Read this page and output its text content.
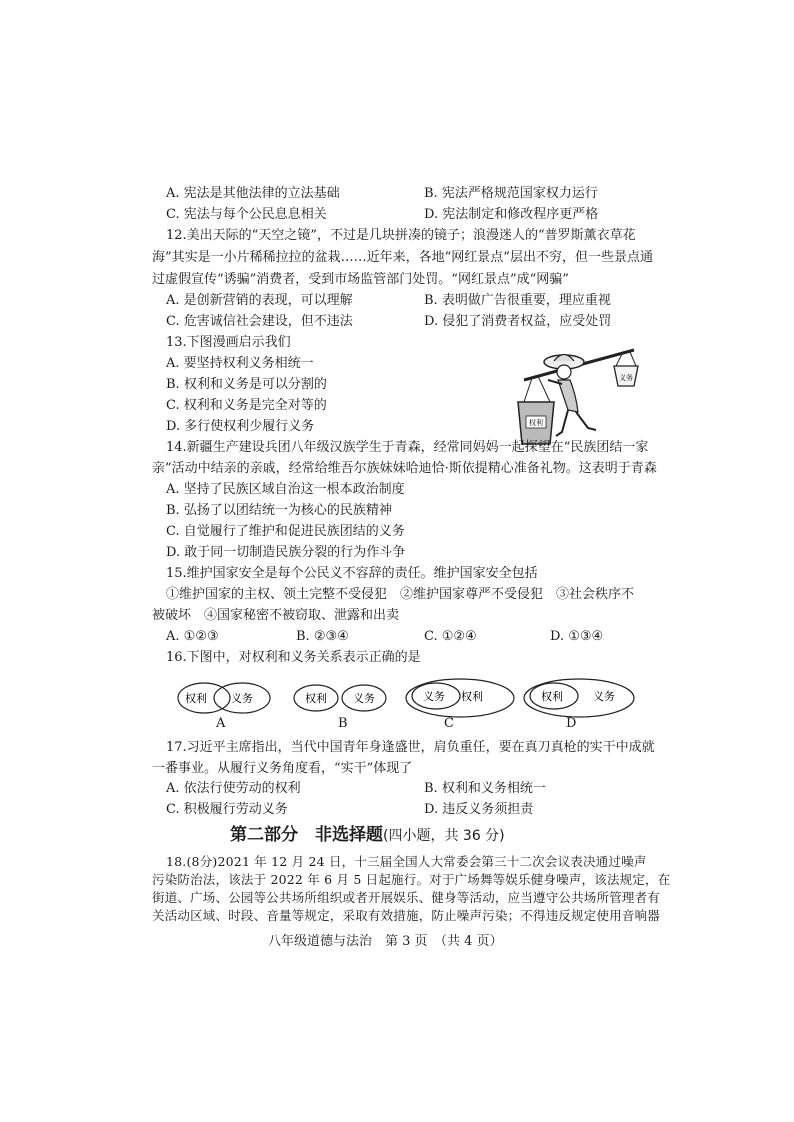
A. 宪法是其他法律的立法基础	B. 宪法严格规范国家权力运行
C. 宪法与每个公民息息相关	D. 宪法制定和修改程序更严格
12.美出天际的“天空之镜”，不过是几块拼凑的镜子；浪漫迷人的“普罗斯薰衣草花
海”其实是一小片稀稀拉拉的盆栽……近年来，各地“网红景点”层出不穷，但一些景点通
过虚假宣传“诱骗”消费者，受到市场监管部门处罚。“网红景点”成“网骗”
A. 是创新营销的表现，可以理解	B. 表明做广告很重要，理应重视
C. 危害诚信社会建设，但不违法	D. 侵犯了消费者权益，应受处罚
13.下图漫画启示我们
A. 要坚持权利义务相统一
B. 权利和义务是可以分割的
C. 权利和义务是完全对等的
D. 多行使权利少履行义务
义务
权利
14.新疆生产建设兵团八年级汉族学生于青森，经常同妈妈一起探望在“民族团结一家
亲”活动中结亲的亲戚，经常给维吾尔族妹妹哈迪恰·斯依提精心准备礼物。这表明于青森
A. 坚持了民族区域自治这一根本政治制度
B. 弘扬了以团结统一为核心的民族精神
C. 自觉履行了维护和促进民族团结的义务
D. 敢于同一切制造民族分裂的行为作斗争
15.维护国家安全是每个公民义不容辞的责任。维护国家安全包括
①维护国家的主权、领土完整不受侵犯　②维护国家尊严不受侵犯　③社会秩序不
被破坏　④国家秘密不被窃取、泄露和出卖
A. ①②③	B. ②③④	C. ①②④	D. ①③④
16.下图中，对权利和义务关系表示正确的是
权利 义务	权利 义务	义务 权利	权利	义务
A	B	C	D
17.习近平主席指出，当代中国青年身逢盛世，肩负重任，要在真刀真枪的实干中成就
一番事业。从履行义务角度看，“实干”体现了
A. 依法行使劳动的权利	B. 权利和义务相统一
C. 积极履行劳动义务	D. 违反义务须担责
第二部分　非选择题(四小题，共 36 分)
18.(8分)2021 年 12 月 24 日，十三届全国人大常委会第三十二次会议表决通过噪声
污染防治法，该法于 2022 年 6 月 5 日起施行。对于广场舞等娱乐健身噪声，该法规定，在
街道、广场、公园等公共场所组织或者开展娱乐、健身等活动，应当遵守公共场所管理者有
关活动区域、时段、音量等规定，采取有效措施，防止噪声污染；不得违反规定使用音响器
八年级道德与法治　第 3 页　（共 4 页）
